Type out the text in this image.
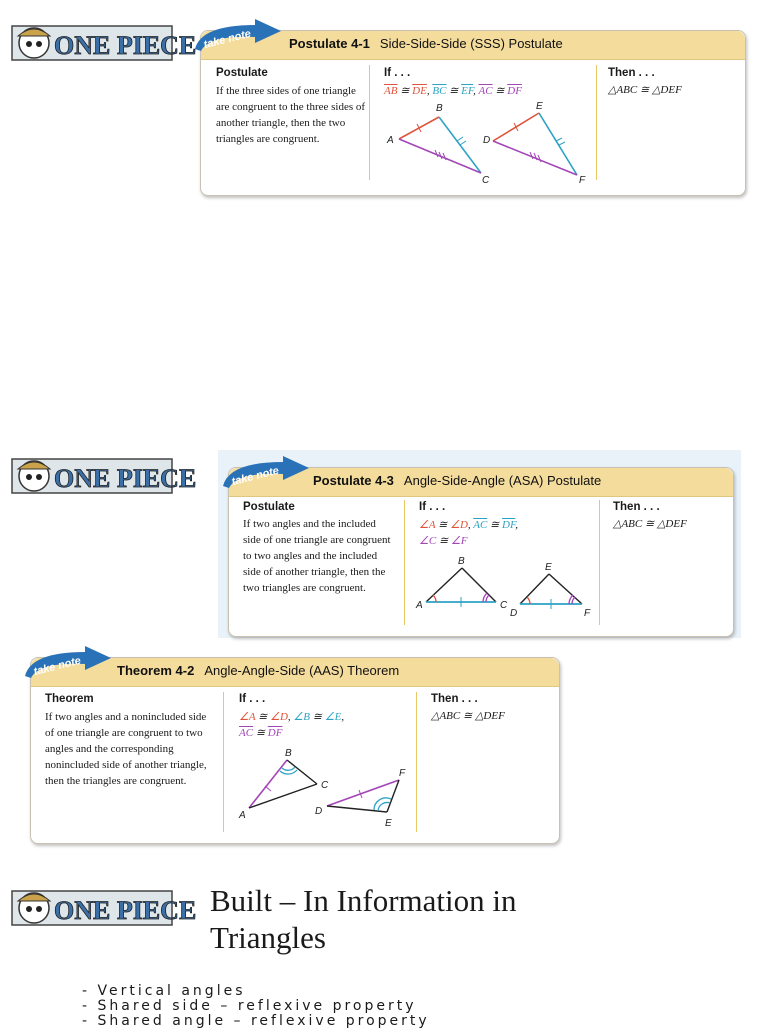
ONE PIECE
ONE PIECE
ONE PIECE
take note	Postulate 4-1 Side-Side-Side (SSS) Postulate
Postulate
If the three sides of one triangle are congruent to the three sides of another triangle, then the two triangles are congruent.
If . . .
$\overline{AB}$ ≅ $\overline{DE}$, $\overline{BC}$ ≅ $\overline{EF}$, $\overline{AC}$ ≅ $\overline{DF}$
A
B
C
D
E
F
Then . . .
△ABC ≅ △DEF
take note	Postulate 4-3 Angle-Side-Angle (ASA) Postulate
Postulate
If two angles and the included side of one triangle are congruent to two angles and the included side of another triangle, then the two triangles are congruent.
If . . .
∠A ≅ ∠D, $\overline{AC}$ ≅ $\overline{DF}$,
∠C ≅ ∠F
A
B
C
D
E
F
Then . . .
△ABC ≅ △DEF
take note	Theorem 4-2 Angle-Angle-Side (AAS) Theorem
Theorem
If two angles and a nonincluded side of one triangle are congruent to two angles and the corresponding nonincluded side of another triangle, then the triangles are congruent.
If . . .
∠A ≅ ∠D, ∠B ≅ ∠E,
$\overline{AC}$ ≅ $\overline{DF}$
A
B
C
D
E
F
Then . . .
△ABC ≅ △DEF
Built – In Information in Triangles
- Vertical angles
- Shared side – reflexive property
- Shared angle – reflexive property
